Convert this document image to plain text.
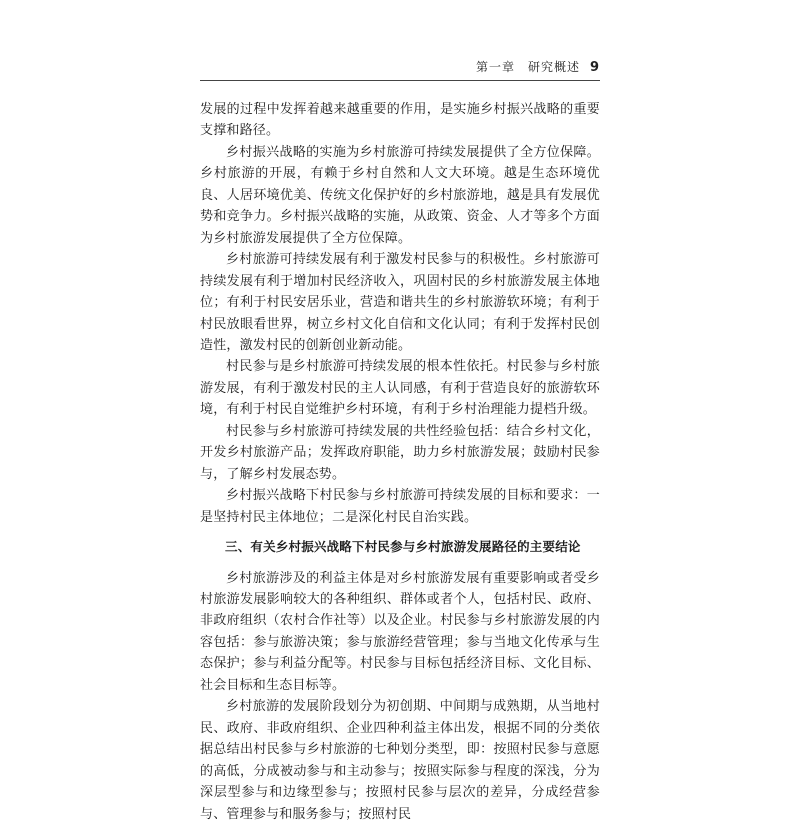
第一章　研究概述 9

发展的过程中发挥着越来越重要的作用，是实施乡村振兴战略的重要支撑和路径。

乡村振兴战略的实施为乡村旅游可持续发展提供了全方位保障。乡村旅游的开展，有赖于乡村自然和人文大环境。越是生态环境优良、人居环境优美、传统文化保护好的乡村旅游地，越是具有发展优势和竞争力。乡村振兴战略的实施，从政策、资金、人才等多个方面为乡村旅游发展提供了全方位保障。

乡村旅游可持续发展有利于激发村民参与的积极性。乡村旅游可持续发展有利于增加村民经济收入，巩固村民的乡村旅游发展主体地位；有利于村民安居乐业，营造和谐共生的乡村旅游软环境；有利于村民放眼看世界，树立乡村文化自信和文化认同；有利于发挥村民创造性，激发村民的创新创业新动能。

村民参与是乡村旅游可持续发展的根本性依托。村民参与乡村旅游发展，有利于激发村民的主人认同感，有利于营造良好的旅游软环境，有利于村民自觉维护乡村环境，有利于乡村治理能力提档升级。

村民参与乡村旅游可持续发展的共性经验包括：结合乡村文化，开发乡村旅游产品；发挥政府职能，助力乡村旅游发展；鼓励村民参与，了解乡村发展态势。

乡村振兴战略下村民参与乡村旅游可持续发展的目标和要求：一是坚持村民主体地位；二是深化村民自治实践。

三、有关乡村振兴战略下村民参与乡村旅游发展路径的主要结论

乡村旅游涉及的利益主体是对乡村旅游发展有重要影响或者受乡村旅游发展影响较大的各种组织、群体或者个人，包括村民、政府、非政府组织（农村合作社等）以及企业。村民参与乡村旅游发展的内容包括：参与旅游决策；参与旅游经营管理；参与当地文化传承与生态保护；参与利益分配等。村民参与目标包括经济目标、文化目标、社会目标和生态目标等。

乡村旅游的发展阶段划分为初创期、中间期与成熟期，从当地村民、政府、非政府组织、企业四种利益主体出发，根据不同的分类依据总结出村民参与乡村旅游的七种划分类型，即：按照村民参与意愿的高低，分成被动参与和主动参与；按照实际参与程度的深浅，分为深层型参与和边缘型参与；按照村民参与层次的差异，分成经营参与、管理参与和服务参与；按照村民
